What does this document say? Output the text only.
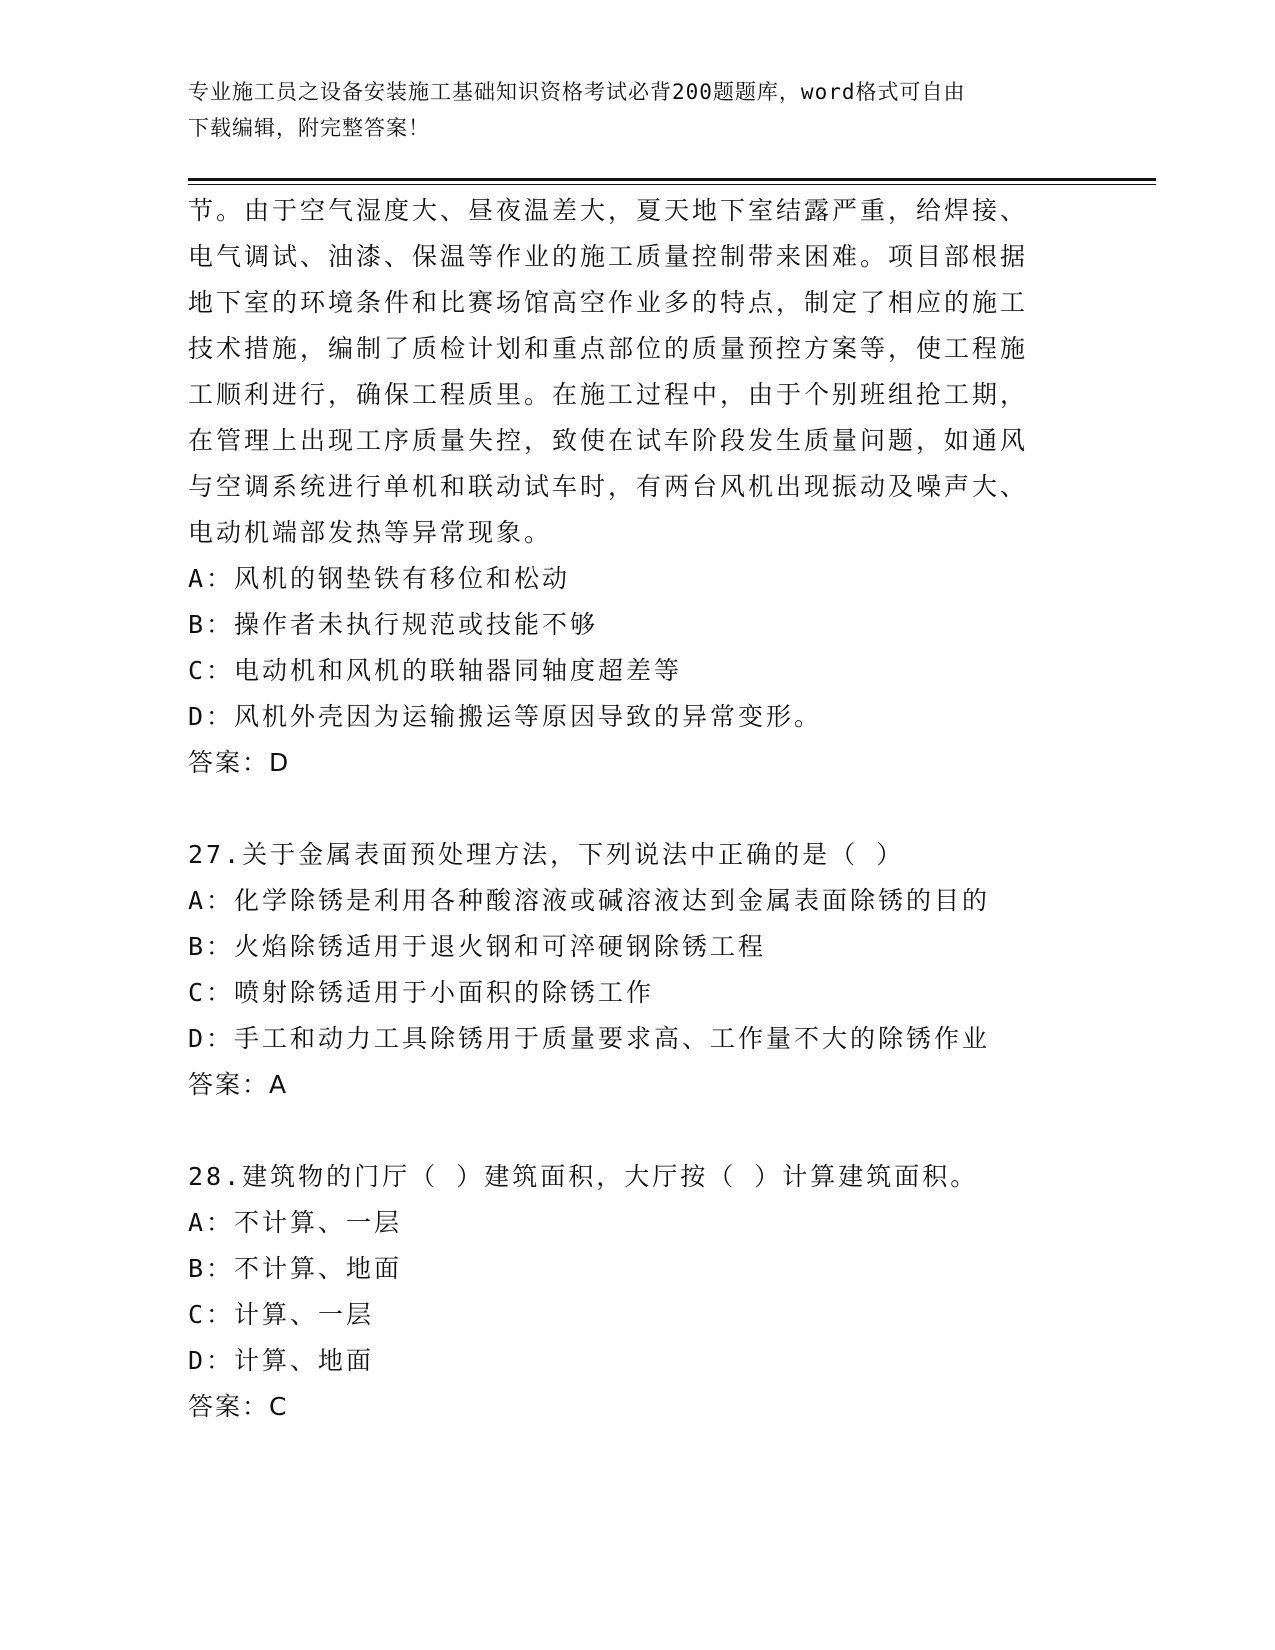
专业施工员之设备安装施工基础知识资格考试必背200题题库，word格式可自由
下载编辑，附完整答案！
节。由于空气湿度大、昼夜温差大，夏天地下室结露严重，给焊接、
电气调试、油漆、保温等作业的施工质量控制带来困难。项目部根据
地下室的环境条件和比赛场馆高空作业多的特点，制定了相应的施工
技术措施，编制了质检计划和重点部位的质量预控方案等，使工程施
工顺利进行，确保工程质里。在施工过程中，由于个别班组抢工期，
在管理上出现工序质量失控，致使在试车阶段发生质量问题，如通风
与空调系统进行单机和联动试车时，有两台风机出现振动及噪声大、
电动机端部发热等异常现象。
A：风机的钢垫铁有移位和松动
B：操作者未执行规范或技能不够
C：电动机和风机的联轴器同轴度超差等
D：风机外壳因为运输搬运等原因导致的异常变形。
答案：D
27.关于金属表面预处理方法，下列说法中正确的是（ ）
A：化学除锈是利用各种酸溶液或碱溶液达到金属表面除锈的目的
B：火焰除锈适用于退火钢和可淬硬钢除锈工程
C：喷射除锈适用于小面积的除锈工作
D：手工和动力工具除锈用于质量要求高、工作量不大的除锈作业
答案：A
28.建筑物的门厅（ ）建筑面积，大厅按（ ）计算建筑面积。
A：不计算、一层
B：不计算、地面
C：计算、一层
D：计算、地面
答案：C
